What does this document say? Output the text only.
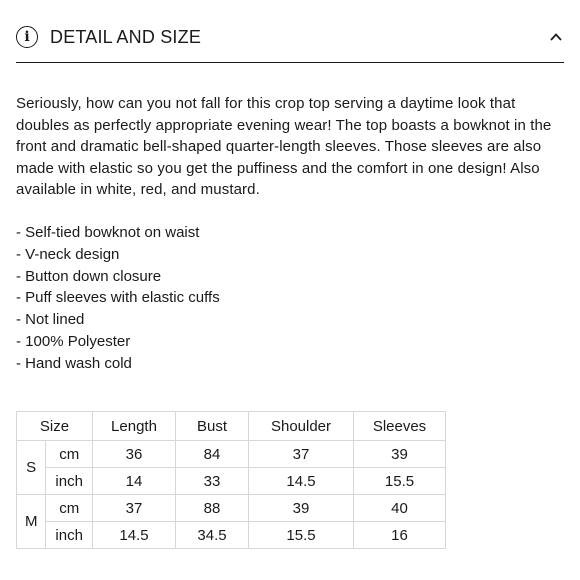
i	DETAIL AND SIZE

Seriously, how can you not fall for this crop top serving a daytime look that doubles as perfectly appropriate evening wear! The top boasts a bowknot in the front and dramatic bell-shaped quarter-length sleeves. Those sleeves are also made with elastic so you get the puffiness and the comfort in one design! Also available in white, red, and mustard.

- Self-tied bowknot on waist
- V-neck design
- Button down closure
- Puff sleeves with elastic cuffs
- Not lined
- 100% Polyester
- Hand wash cold
Size		Length	Bust	Shoulder	Sleeves
S	cm	36	84	37	39
	inch	14	33	14.5	15.5
M	cm	37	88	39	40
	inch	14.5	34.5	15.5	16
